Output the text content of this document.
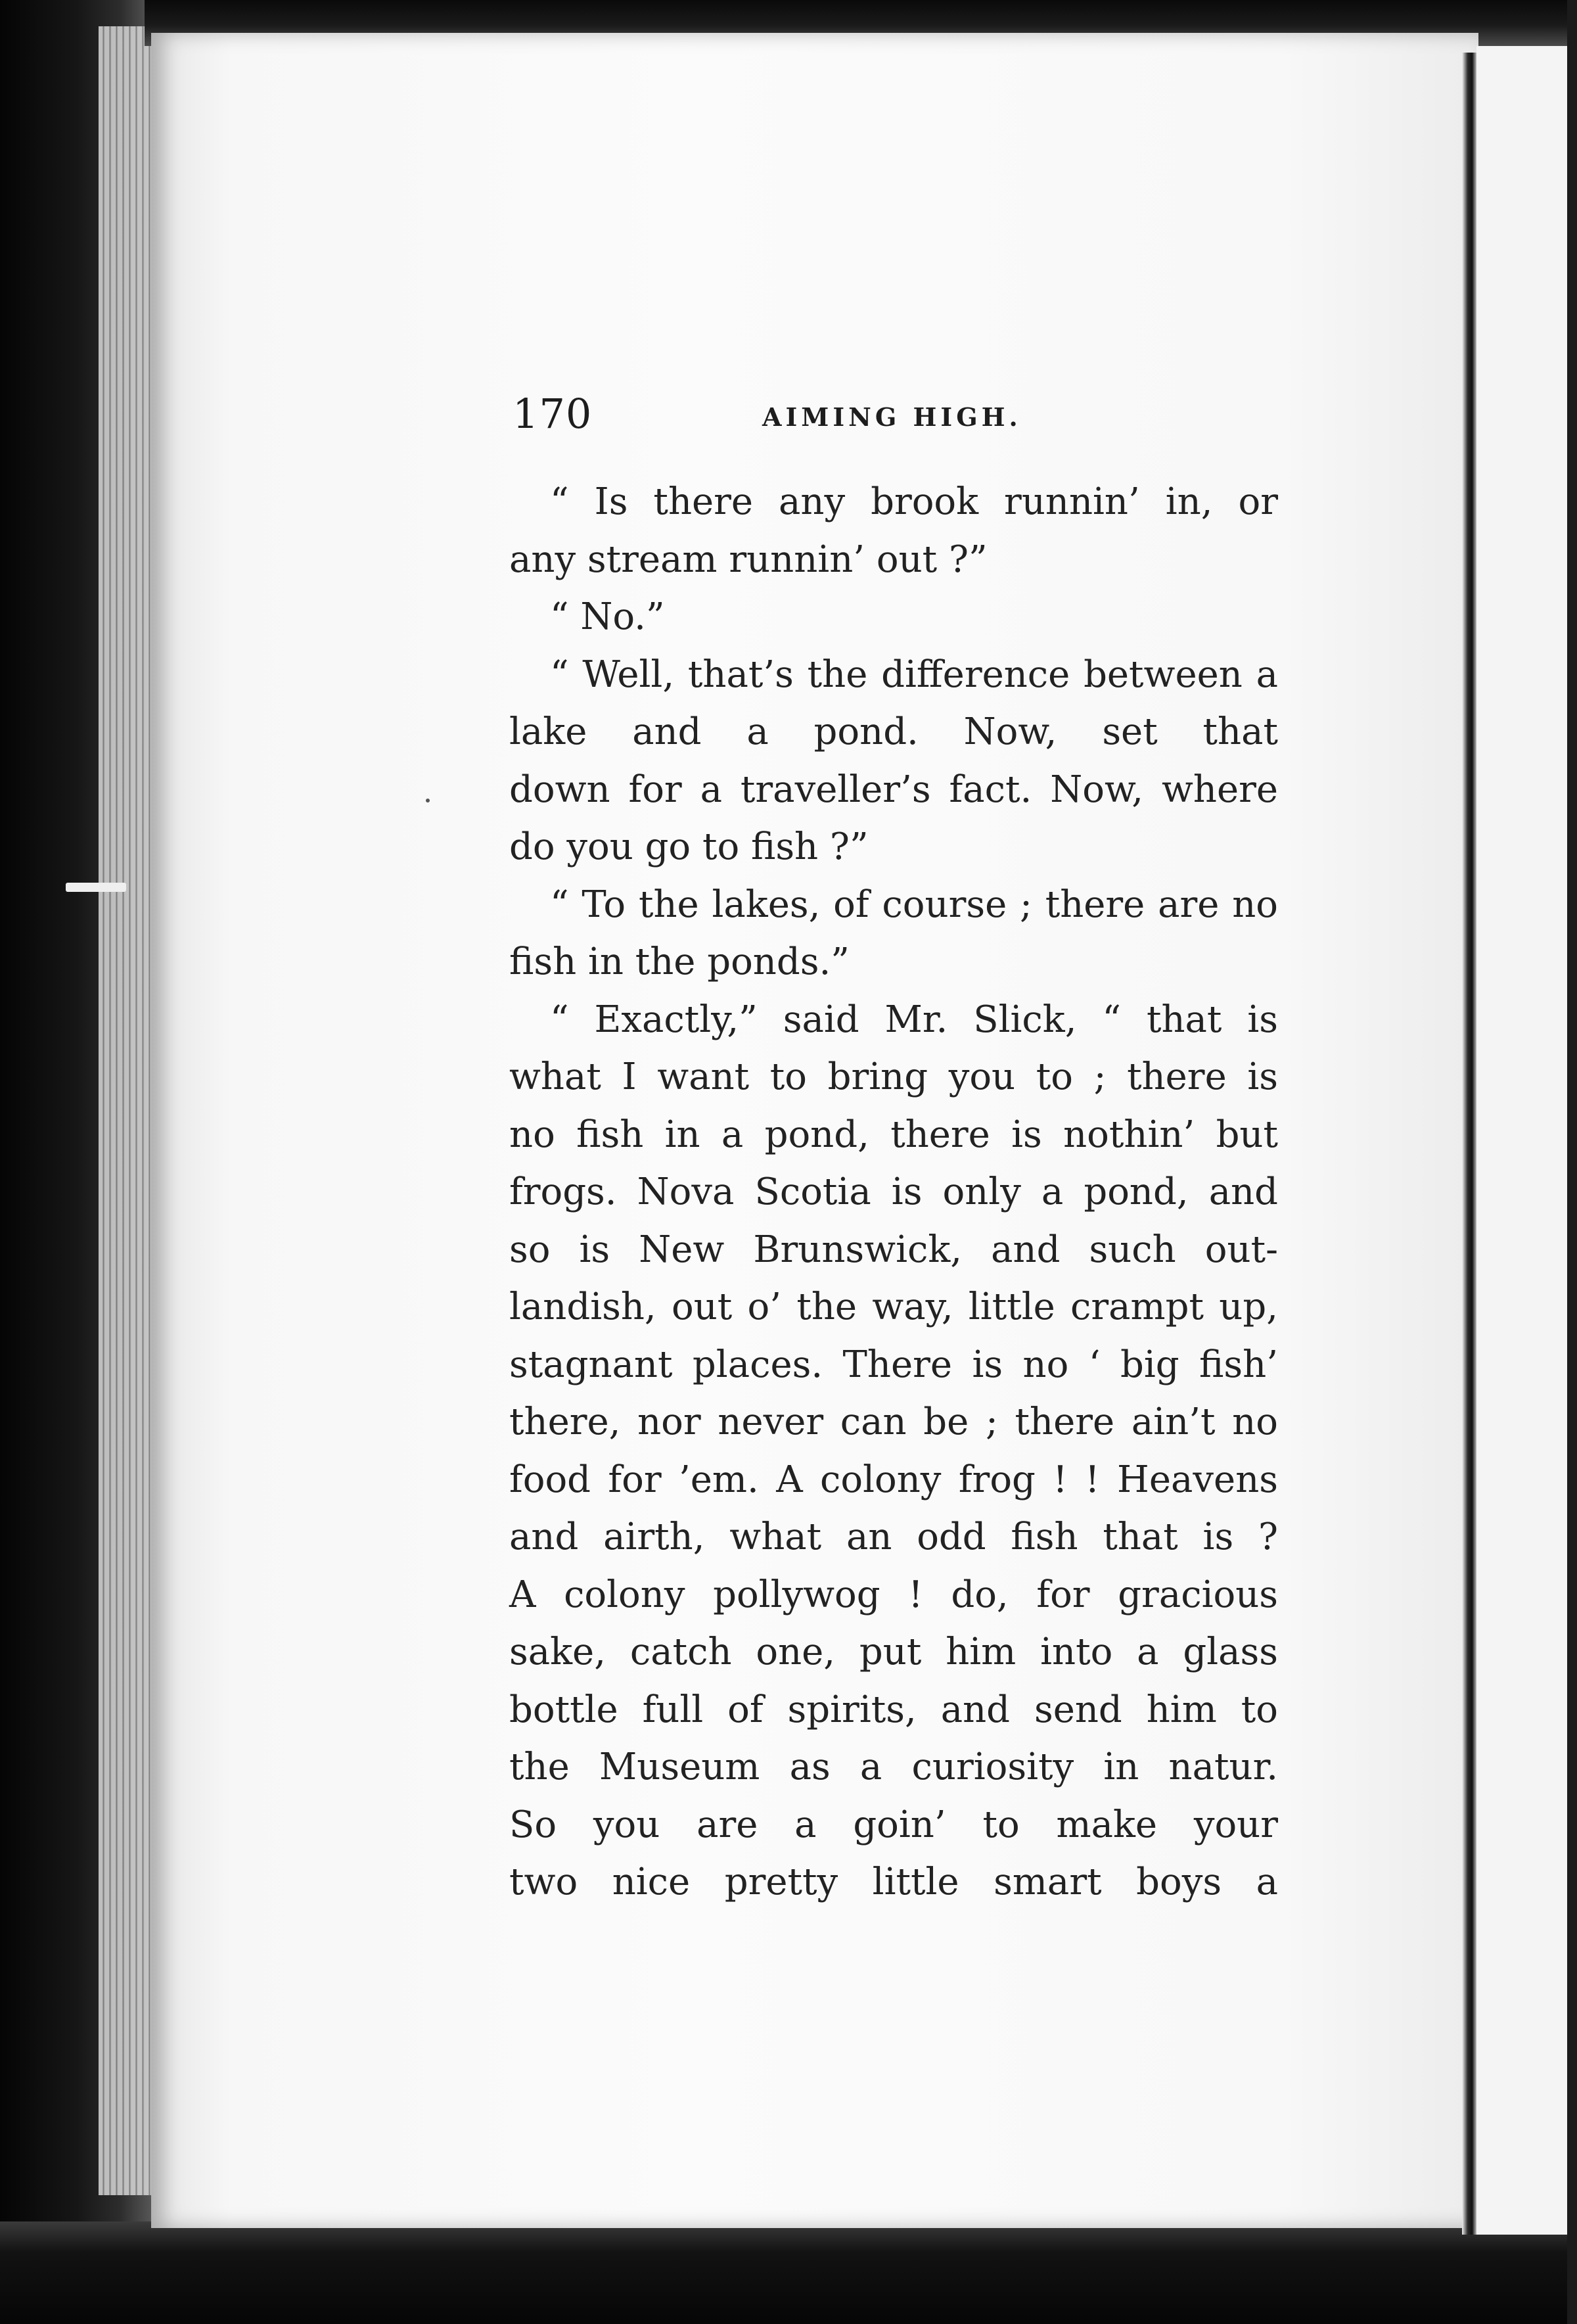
170	AIMING HIGH.
“ Is there any brook runnin’ in, or
any stream runnin’ out ?”
“ No.”
“ Well, that’s the difference between a
lake and a pond. Now, set that
down for a traveller’s fact. Now, where
do you go to fish ?”
“ To the lakes, of course ; there are no
fish in the ponds.”
“ Exactly,” said Mr. Slick, “ that is
what I want to bring you to ; there is
no fish in a pond, there is nothin’ but
frogs. Nova Scotia is only a pond, and
so is New Brunswick, and such out-
landish, out o’ the way, little crampt up,
stagnant places. There is no ‘ big fish’
there, nor never can be ; there ain’t no
food for ’em. A colony frog ! ! Heavens
and airth, what an odd fish that is ?
A colony pollywog ! do, for gracious
sake, catch one, put him into a glass
bottle full of spirits, and send him to
the Museum as a curiosity in natur.
So you are a goin’ to make your
two nice pretty little smart boys a
